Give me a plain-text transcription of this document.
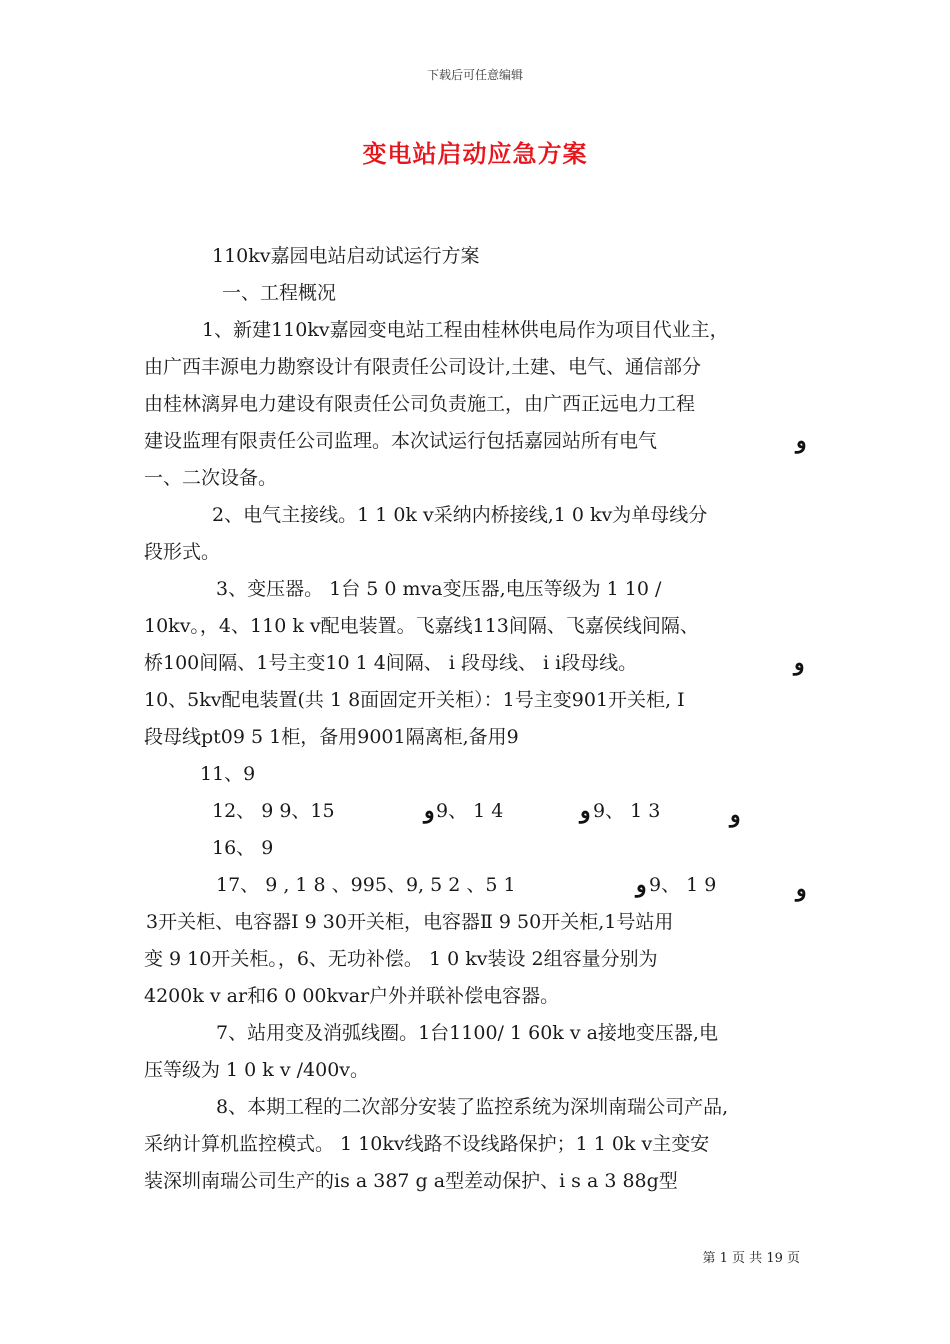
下载后可任意编辑
变电站启动应急方案
110kv嘉园电站启动试运行方案
一、工程概况
1、新建110kv嘉园变电站工程由桂林供电局作为项目代业主，
由广西丰源电力勘察设计有限责任公司设计,土建、电气、通信部分
由桂林漓昇电力建设有限责任公司负责施工，由广西正远电力工程
建设监理有限责任公司监理。本次试运行包括嘉园站所有电气	و
一、二次设备。
2、电气主接线。1 1 0k v采纳内桥接线,1 0 kv为单母线分
段形式。
3、变压器。 1台 5 0 mva变压器,电压等级为 1 10 /
10kv。，4、110 k v配电装置。飞嘉线113间隔、飞嘉侯线间隔、
桥100间隔、1号主变10 1 4间隔、 i 段母线、 i i段母线。	و
10、5kv配电装置(共 1 8面固定开关柜）：1号主变901开关柜, I
段母线pt09 5 1柜，备用9001隔离柜,备用9
11、9
12、 9 9、15	و 9、 1 4	و 9、 1 3	و
16、 9
17、 9 , 1 8 、995、9, 5 2 、5 1	و 9、 1 9	و
3开关柜、电容器Ⅰ 9 30开关柜，电容器Ⅱ 9 50开关柜,1号站用
变 9 10开关柜。，6、无功补偿。 1 0 kv装设 2组容量分别为
4200k v ar和6 0 00kvar户外并联补偿电容器。
7、站用变及消弧线圈。1台1100/ 1 60k v a接地变压器,电
压等级为 1 0 k v /400v。
8、本期工程的二次部分安装了监控系统为深圳南瑞公司产品,
采纳计算机监控模式。 1 10kv线路不设线路保护；1 1 0k v主变安
装深圳南瑞公司生产的is a 387 g a型差动保护、i s a 3 88g型
第 1 页 共 19 页
